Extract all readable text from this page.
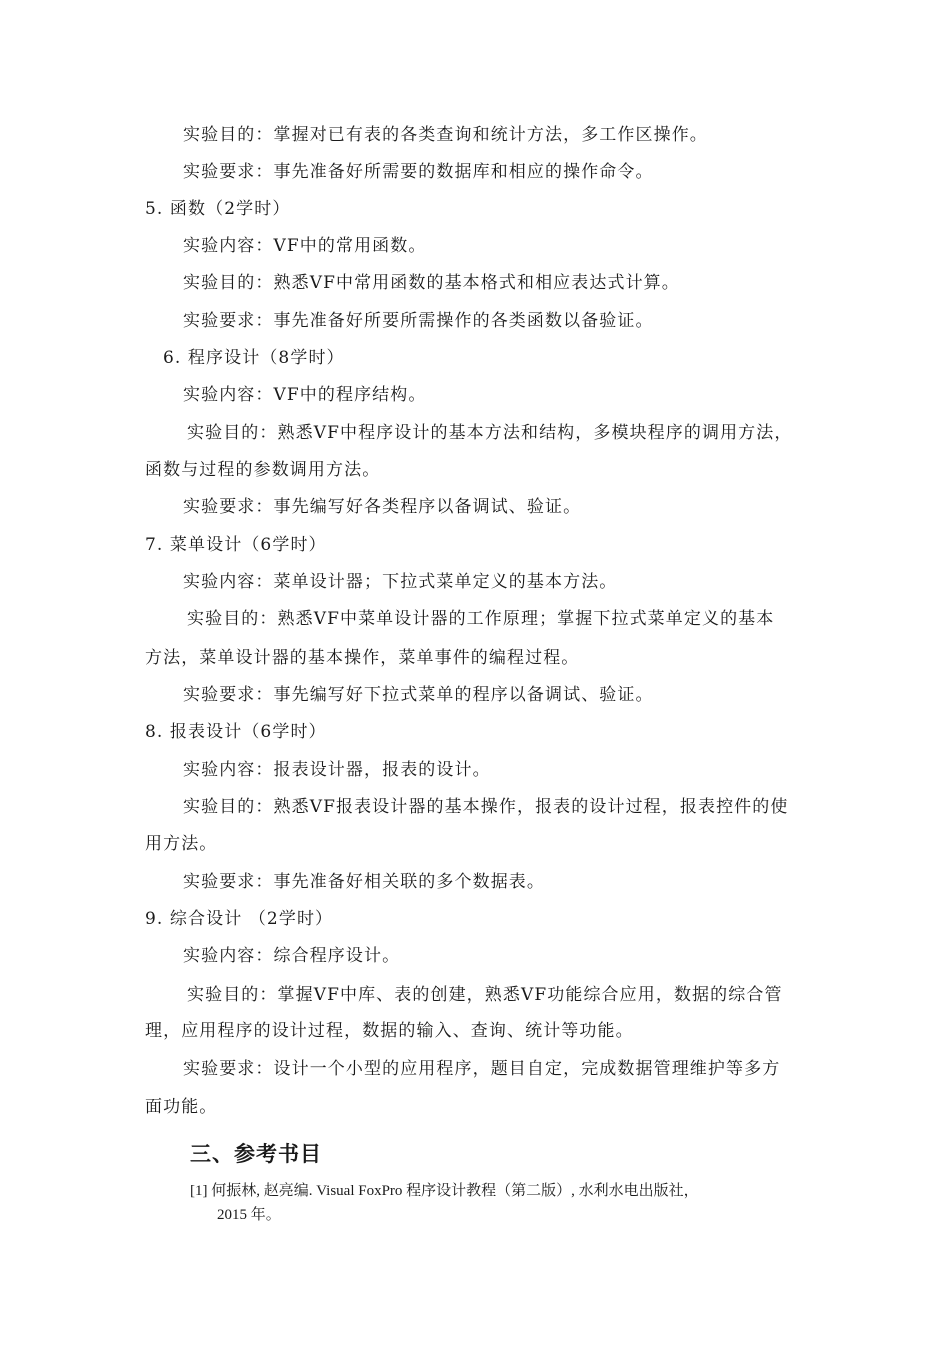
实验目的：掌握对已有表的各类查询和统计方法，多工作区操作。
实验要求：事先准备好所需要的数据库和相应的操作命令。
5. 函数（2学时）
实验内容：VF中的常用函数。
实验目的：熟悉VF中常用函数的基本格式和相应表达式计算。
实验要求：事先准备好所要所需操作的各类函数以备验证。
6. 程序设计（8学时）
实验内容：VF中的程序结构。
实验目的：熟悉VF中程序设计的基本方法和结构，多模块程序的调用方法，
函数与过程的参数调用方法。
实验要求：事先编写好各类程序以备调试、验证。
7. 菜单设计（6学时）
实验内容：菜单设计器；下拉式菜单定义的基本方法。
实验目的：熟悉VF中菜单设计器的工作原理；掌握下拉式菜单定义的基本
方法，菜单设计器的基本操作，菜单事件的编程过程。
实验要求：事先编写好下拉式菜单的程序以备调试、验证。
8. 报表设计（6学时）
实验内容：报表设计器，报表的设计。
实验目的：熟悉VF报表设计器的基本操作，报表的设计过程，报表控件的使
用方法。
实验要求：事先准备好相关联的多个数据表。
9. 综合设计 （2学时）
实验内容：综合程序设计。
实验目的：掌握VF中库、表的创建，熟悉VF功能综合应用，数据的综合管
理，应用程序的设计过程，数据的输入、查询、统计等功能。
实验要求：设计一个小型的应用程序，题目自定，完成数据管理维护等多方
面功能。
三、参考书目
[1] 何振林, 赵亮编. Visual FoxPro 程序设计教程（第二版）, 水利水电出版社，
2015 年。
